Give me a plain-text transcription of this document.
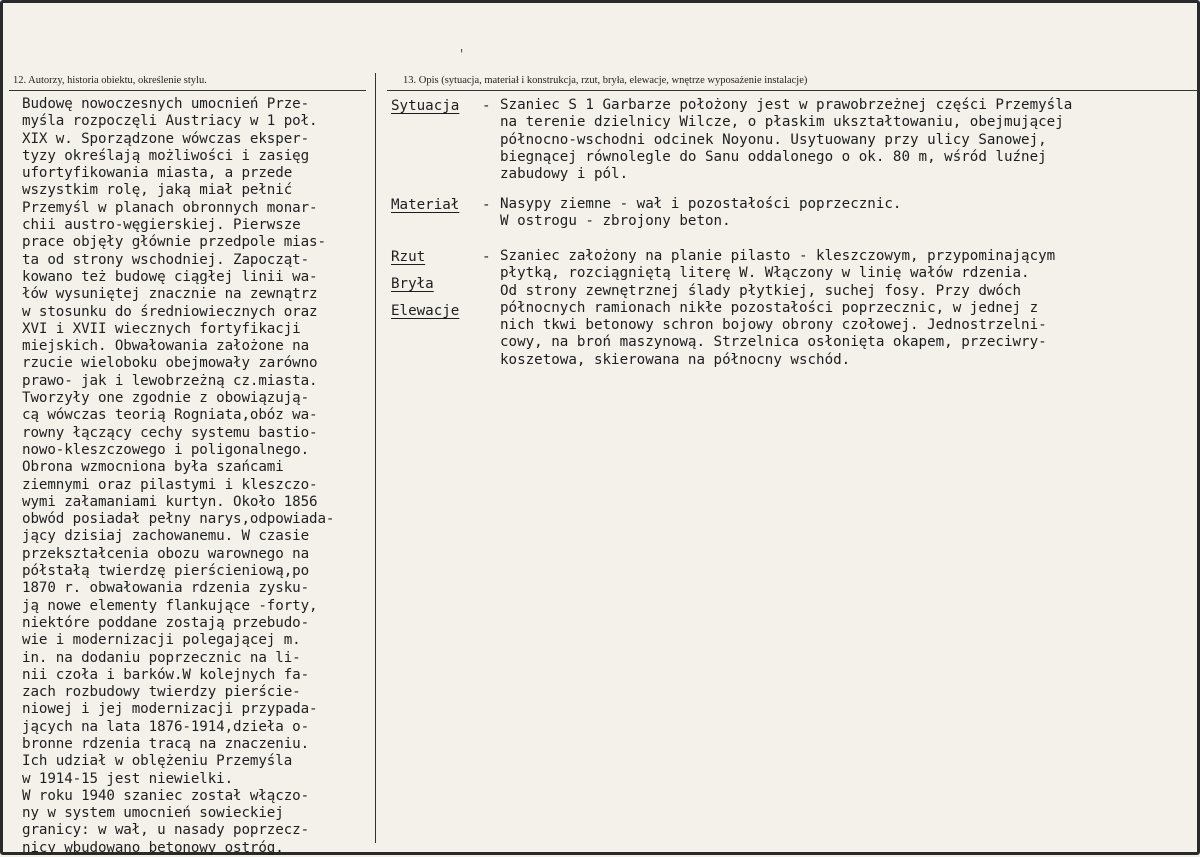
'
12. Autorzy, historia obiektu, określenie stylu.	13. Opis (sytuacja, materiał i konstrukcja, rzut, bryła, elewacje, wnętrze wyposażenie instalacje)
Budowę nowoczesnych umocnień Prze-
myśla rozpoczęli Austriacy w 1 poł.
XIX w. Sporządzone wówczas eksper-
tyzy określają możliwości i zasięg
ufortyfikowania miasta, a przede
wszystkim rolę, jaką miał pełnić
Przemyśl w planach obronnych monar-
chii austro-węgierskiej. Pierwsze
prace objęły głównie przedpole mias-
ta od strony wschodniej. Zapocząt-
kowano też budowę ciągłej linii wa-
łów wysuniętej znacznie na zewnątrz
w stosunku do średniowiecznych oraz
XVI i XVII wiecznych fortyfikacji
miejskich. Obwałowania założone na
rzucie wieloboku obejmowały zarówno
prawo- jak i lewobrzeżną cz.miasta.
Tworzyły one zgodnie z obowiązują-
cą wówczas teorią Rogniata,obóz wa-
rowny łączący cechy systemu bastio-
nowo-kleszczowego i poligonalnego.
Obrona wzmocniona była szańcami
ziemnymi oraz pilastymi i kleszczo-
wymi załamaniami kurtyn. Około 1856
obwód posiadał pełny narys,odpowiada-
jący dzisiaj zachowanemu. W czasie
przekształcenia obozu warownego na
półstałą twierdzę pierścieniową,po
1870 r. obwałowania rdzenia zysku-
ją nowe elementy flankujące -forty,
niektóre poddane zostają przebudo-
wie i modernizacji polegającej m.
in. na dodaniu poprzecznic na li-
nii czoła i barków.W kolejnych fa-
zach rozbudowy twierdzy pierście-
niowej i jej modernizacji przypada-
jących na lata 1876-1914,dzieła o-
bronne rdzenia tracą na znaczeniu.
Ich udział w oblężeniu Przemyśla
w 1914-15 jest niewielki.
W roku 1940 szaniec został włączo-
ny w system umocnień sowieckiej
granicy: w wał, u nasady poprzecz-
nicy wbudowano betonowy ostróg.
Sytuacja - Szaniec S 1 Garbarze położony jest w prawobrzeżnej części Przemyśla
na terenie dzielnicy Wilcze, o płaskim ukształtowaniu, obejmującej
północno-wschodni odcinek Noyonu. Usytuowany przy ulicy Sanowej,
biegnącej równolegle do Sanu oddalonego o ok. 80 m, wśród luźnej
zabudowy i pól.
Materiał - Nasypy ziemne - wał i pozostałości poprzecznic.
W ostrogu - zbrojony beton.
Rzut
Bryła
Elewacje
- Szaniec założony na planie pilasto - kleszczowym, przypominającym
płytką, rozciągniętą literę W. Włączony w linię wałów rdzenia.
Od strony zewnętrznej ślady płytkiej, suchej fosy. Przy dwóch
północnych ramionach nikłe pozostałości poprzecznic, w jednej z
nich tkwi betonowy schron bojowy obrony czołowej. Jednostrzelni-
cowy, na broń maszynową. Strzelnica osłonięta okapem, przeciwry-
koszetowa, skierowana na północny wschód.
